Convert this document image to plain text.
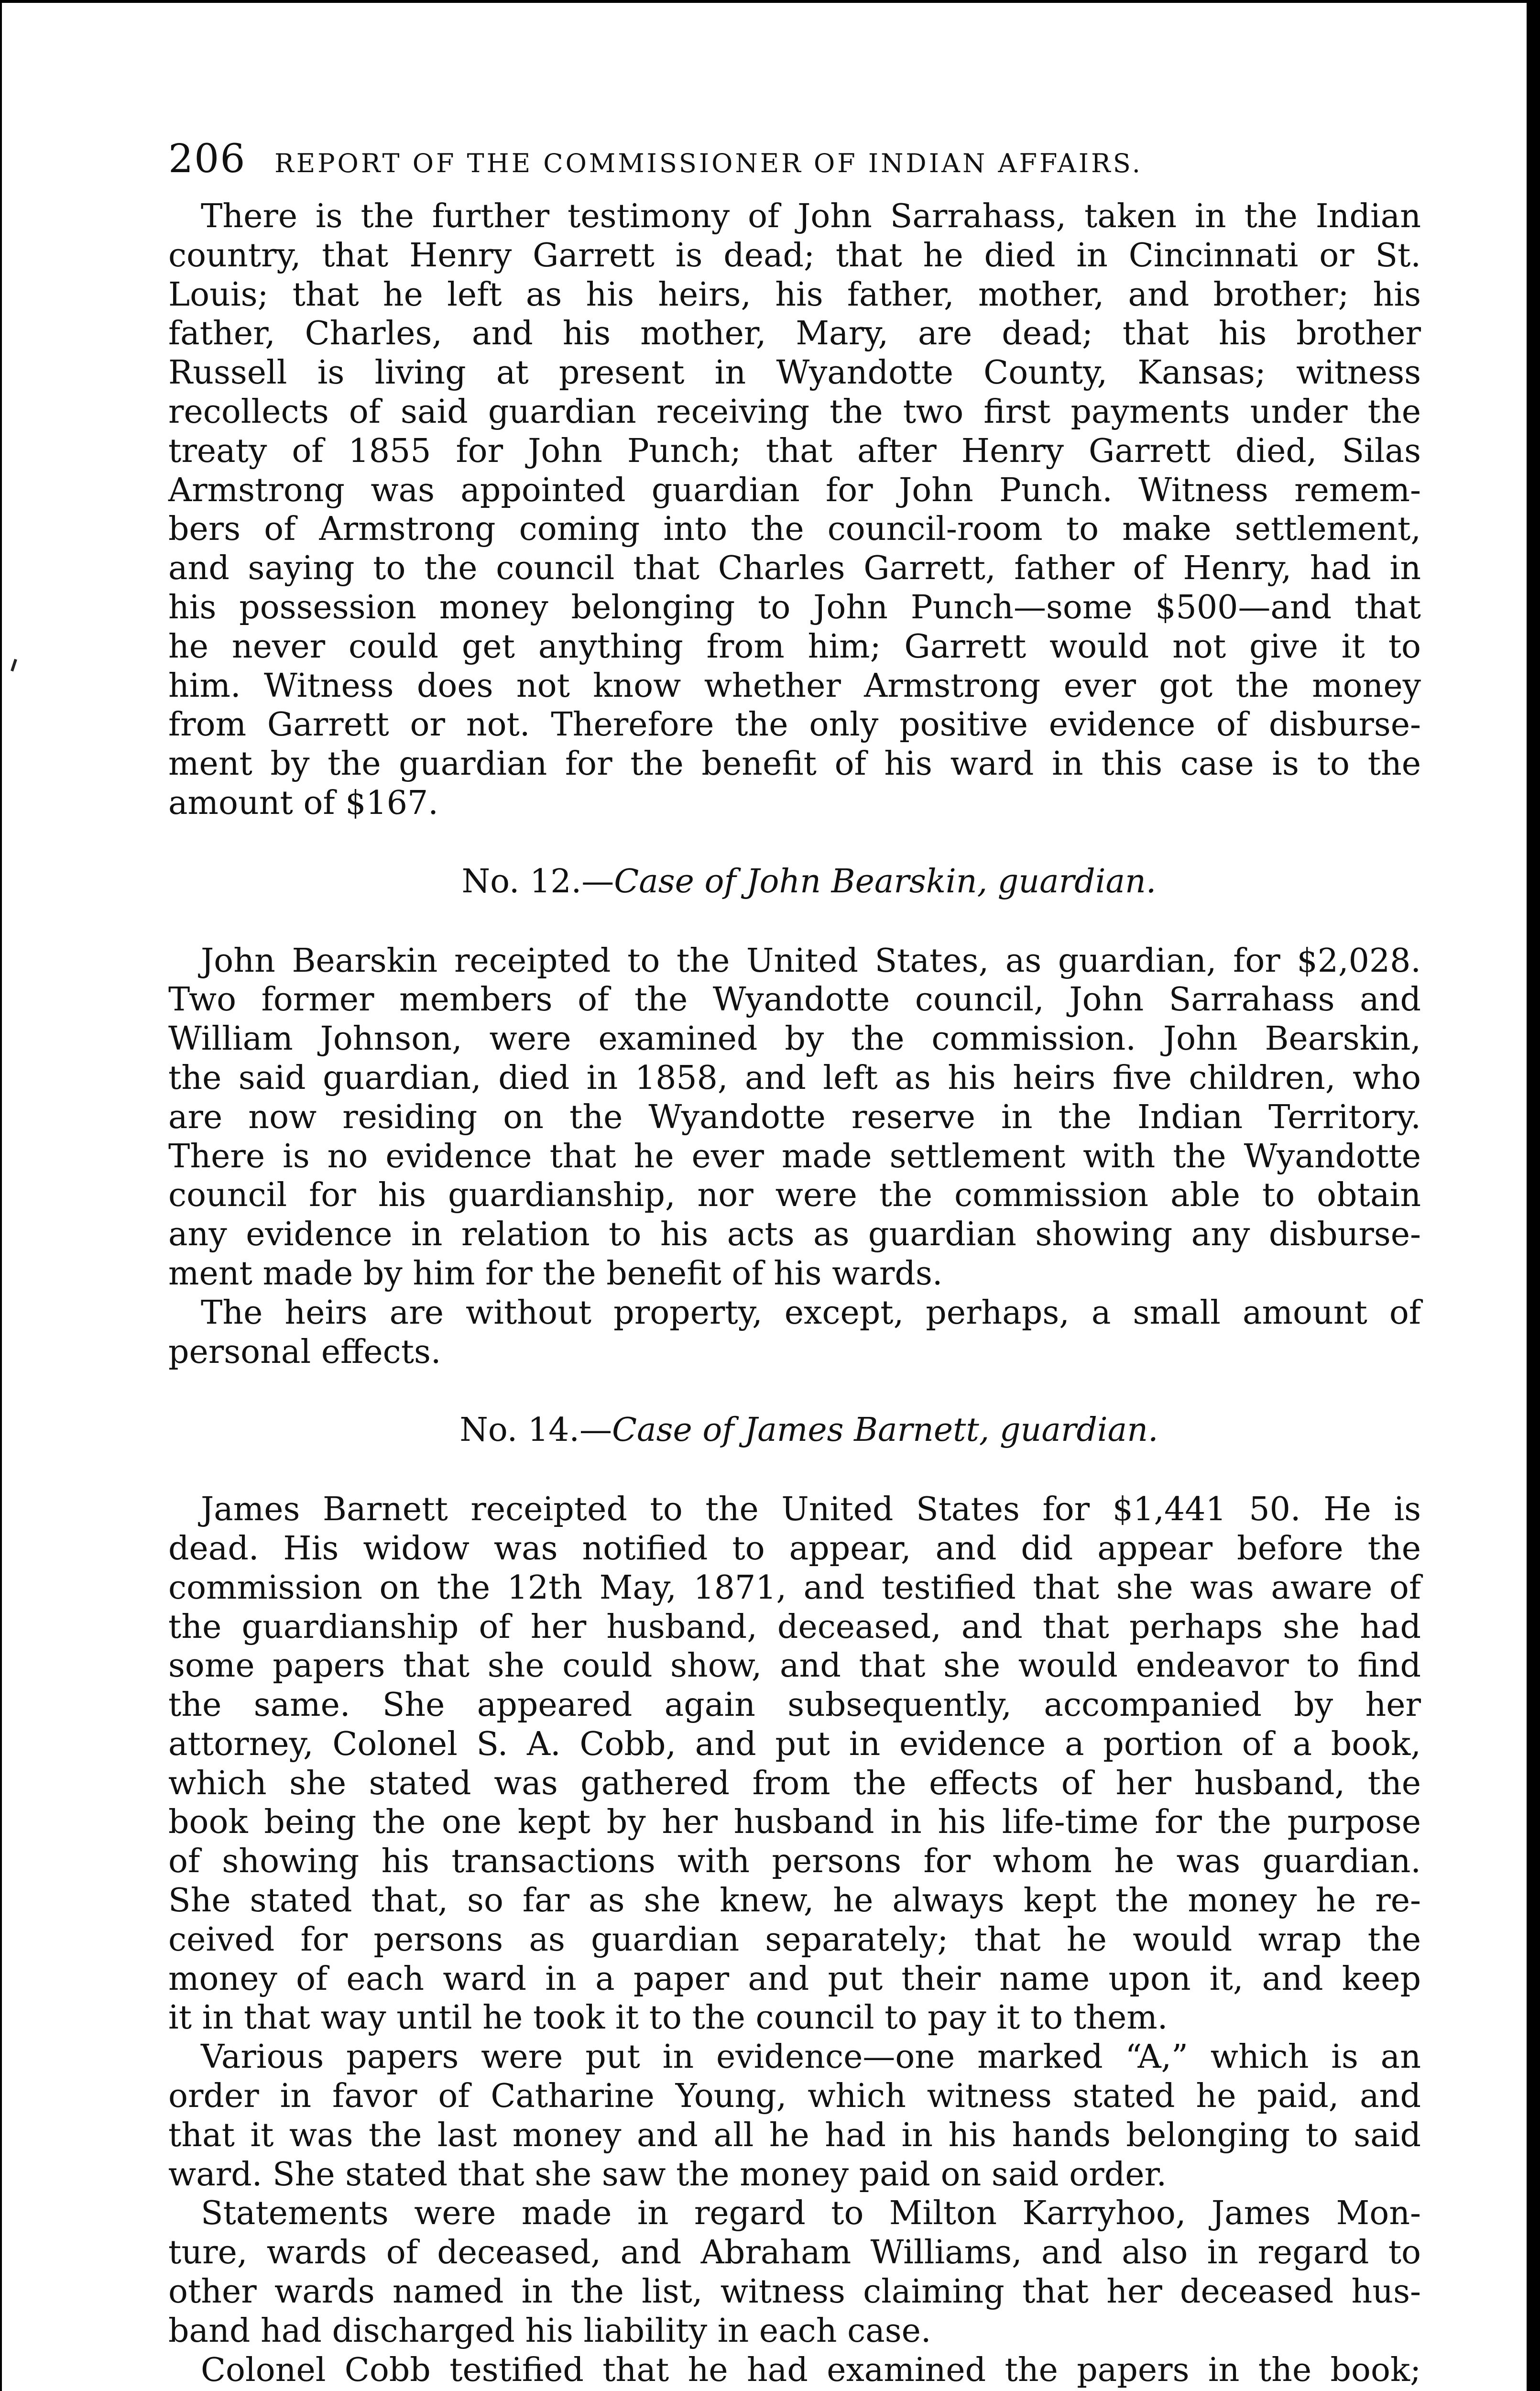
206 REPORT OF THE COMMISSIONER OF INDIAN AFFAIRS.
There is the further testimony of John Sarrahass, taken in the Indian
country, that Henry Garrett is dead; that he died in Cincinnati or St.
Louis; that he left as his heirs, his father, mother, and brother; his
father, Charles, and his mother, Mary, are dead; that his brother
Russell is living at present in Wyandotte County, Kansas; witness
recollects of said guardian receiving the two first payments under the
treaty of 1855 for John Punch; that after Henry Garrett died, Silas
Armstrong was appointed guardian for John Punch. Witness remem-
bers of Armstrong coming into the council-room to make settlement,
and saying to the council that Charles Garrett, father of Henry, had in
his possession money belonging to John Punch—some $500—and that
he never could get anything from him; Garrett would not give it to
him. Witness does not know whether Armstrong ever got the money
from Garrett or not. Therefore the only positive evidence of disburse-
ment by the guardian for the benefit of his ward in this case is to the
amount of $167.
No. 12.—Case of John Bearskin, guardian.
John Bearskin receipted to the United States, as guardian, for $2,028.
Two former members of the Wyandotte council, John Sarrahass and
William Johnson, were examined by the commission. John Bearskin,
the said guardian, died in 1858, and left as his heirs five children, who
are now residing on the Wyandotte reserve in the Indian Territory.
There is no evidence that he ever made settlement with the Wyandotte
council for his guardianship, nor were the commission able to obtain
any evidence in relation to his acts as guardian showing any disburse-
ment made by him for the benefit of his wards.
The heirs are without property, except, perhaps, a small amount of
personal effects.
No. 14.—Case of James Barnett, guardian.
James Barnett receipted to the United States for $1,441 50. He is
dead. His widow was notified to appear, and did appear before the
commission on the 12th May, 1871, and testified that she was aware of
the guardianship of her husband, deceased, and that perhaps she had
some papers that she could show, and that she would endeavor to find
the same. She appeared again subsequently, accompanied by her
attorney, Colonel S. A. Cobb, and put in evidence a portion of a book,
which she stated was gathered from the effects of her husband, the
book being the one kept by her husband in his life-time for the purpose
of showing his transactions with persons for whom he was guardian.
She stated that, so far as she knew, he always kept the money he re-
ceived for persons as guardian separately; that he would wrap the
money of each ward in a paper and put their name upon it, and keep
it in that way until he took it to the council to pay it to them.
Various papers were put in evidence—one marked “A,” which is an
order in favor of Catharine Young, which witness stated he paid, and
that it was the last money and all he had in his hands belonging to said
ward. She stated that she saw the money paid on said order.
Statements were made in regard to Milton Karryhoo, James Mon-
ture, wards of deceased, and Abraham Williams, and also in regard to
other wards named in the list, witness claiming that her deceased hus-
band had discharged his liability in each case.
Colonel Cobb testified that he had examined the papers in the book;
